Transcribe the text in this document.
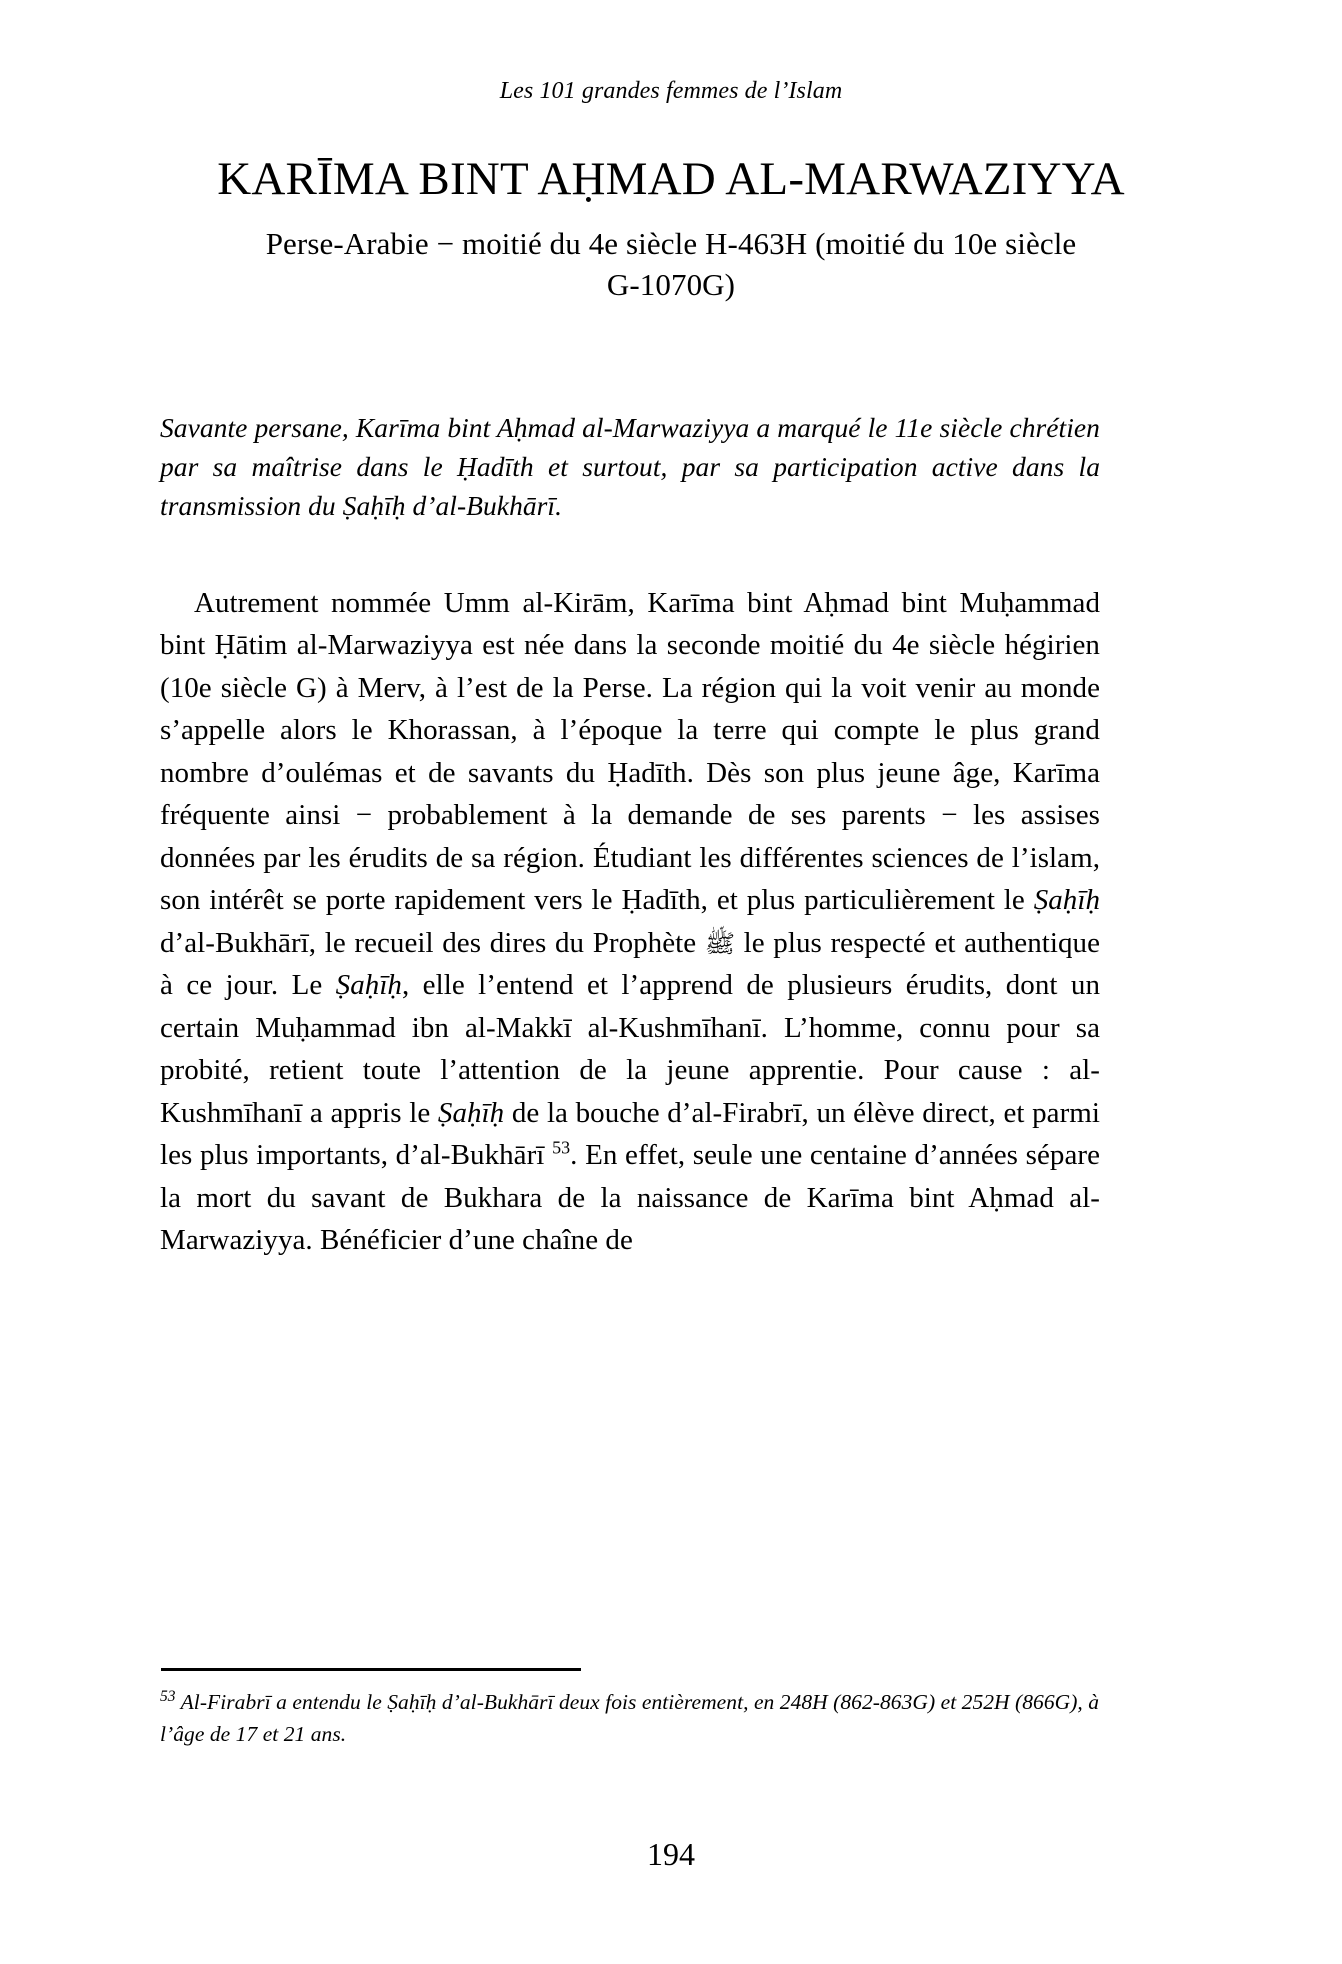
Les 101 grandes femmes de l’Islam
KARĪMA BINT AḤMAD AL-MARWAZIYYA
Perse-Arabie − moitié du 4e siècle H-463H (moitié du 10e siècle G-1070G)
Savante persane, Karīma bint Aḥmad al-Marwaziyya a marqué le 11e siècle chrétien par sa maîtrise dans le Ḥadīth et surtout, par sa participation active dans la transmission du Ṣaḥīḥ d’al-Bukhārī.

Autrement nommée Umm al-Kirām, Karīma bint Aḥmad bint Muḥammad bint Ḥātim al-Marwaziyya est née dans la seconde moitié du 4e siècle hégirien (10e siècle G) à Merv, à l’est de la Perse. La région qui la voit venir au monde s’appelle alors le Khorassan, à l’époque la terre qui compte le plus grand nombre d’oulémas et de savants du Ḥadīth. Dès son plus jeune âge, Karīma fréquente ainsi − probablement à la demande de ses parents − les assises données par les érudits de sa région. Étudiant les différentes sciences de l’islam, son intérêt se porte rapidement vers le Ḥadīth, et plus particulièrement le Ṣaḥīḥ d’al-Bukhārī, le recueil des dires du Prophète ﷺ le plus respecté et authentique à ce jour. Le Ṣaḥīḥ, elle l’entend et l’apprend de plusieurs érudits, dont un certain Muḥammad ibn al-Makkī al-Kushmīhanī. L’homme, connu pour sa probité, retient toute l’attention de la jeune apprentie. Pour cause : al-Kushmīhanī a appris le Ṣaḥīḥ de la bouche d’al-Firabrī, un élève direct, et parmi les plus importants, d’al-Bukhārī $^{53}$. En effet, seule une centaine d’années sépare la mort du savant de Bukhara de la naissance de Karīma bint Aḥmad al-Marwaziyya. Bénéficier d’une chaîne de

$^{53}$ Al-Firabrī a entendu le Ṣaḥīḥ d’al-Bukhārī deux fois entièrement, en 248H (862-863G) et 252H (866G), à l’âge de 17 et 21 ans.
194
